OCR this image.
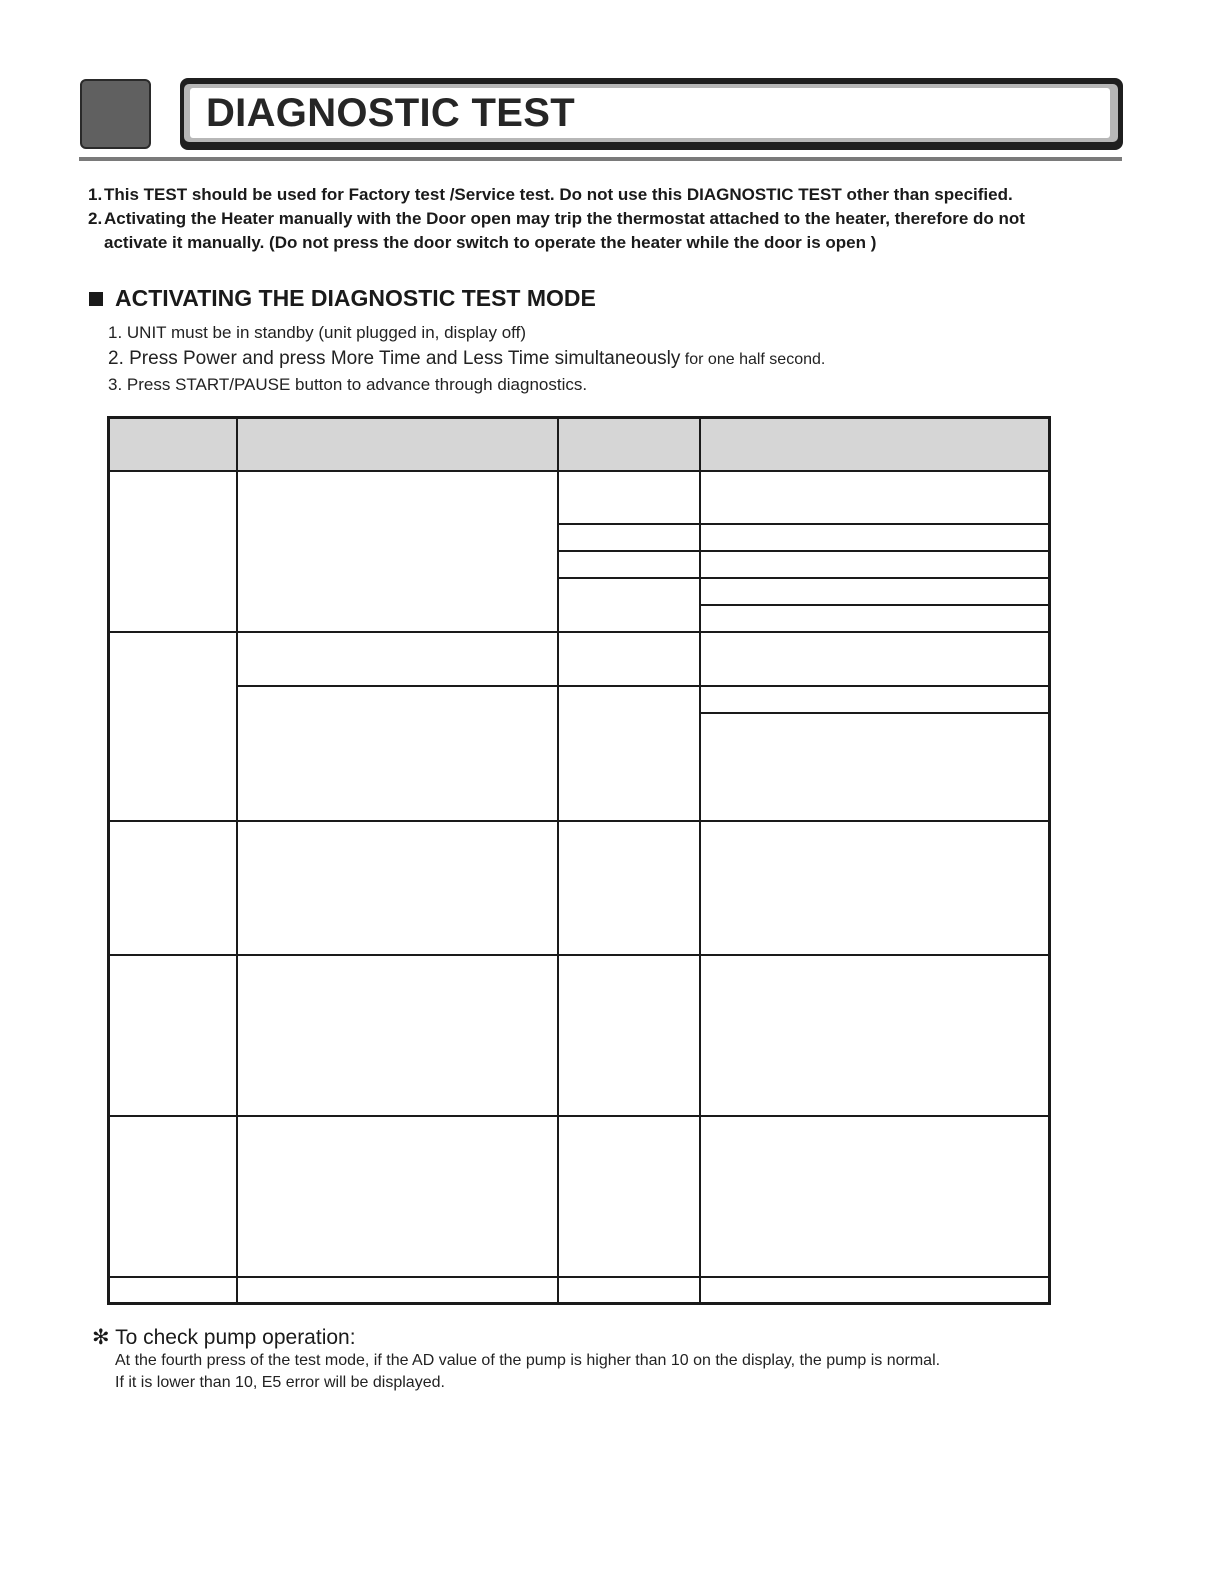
DIAGNOSTIC TEST
1. This TEST should be used for Factory test /Service test. Do not use this DIAGNOSTIC TEST other than specified.
2. Activating the Heater manually with the Door open may trip the thermostat attached to the heater, therefore do not
activate it manually. (Do not press the door switch to operate the heater while the door is open )
ACTIVATING THE DIAGNOSTIC TEST MODE
1. UNIT must be in standby (unit plugged in, display off)
2. Press Power and press More Time and Less Time simultaneously for one half second.
3. Press START/PAUSE button to advance through diagnostics.

✻ To check pump operation:
At the fourth press of the test mode, if the AD value of the pump is higher than 10 on the display, the pump is normal.
If it is lower than 10, E5 error will be displayed.
